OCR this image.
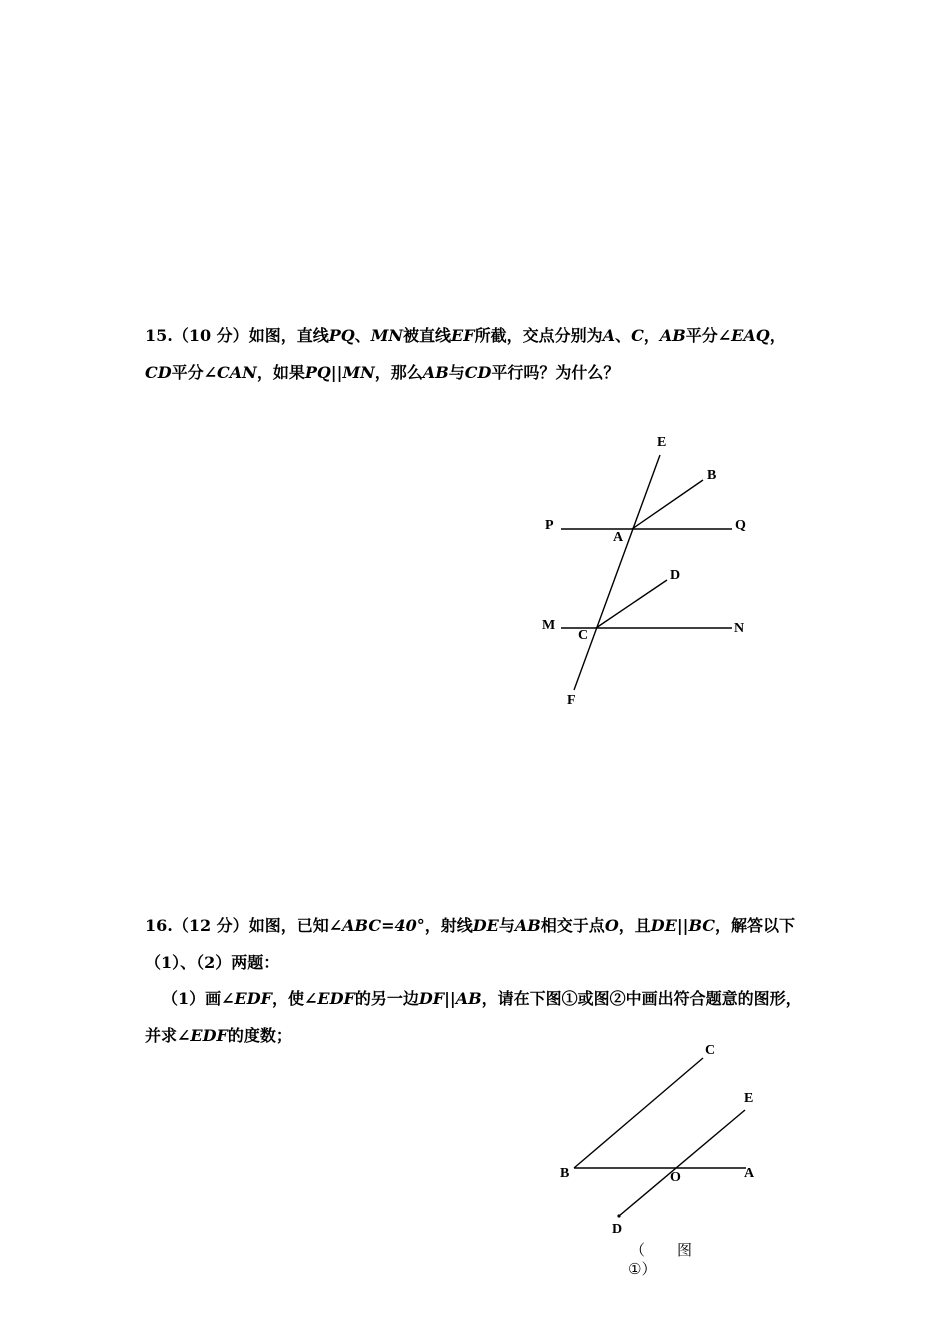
15.（10 分）如图，直线PQ、MN被直线EF所截，交点分别为A、C，AB平分∠EAQ，
CD平分∠CAN，如果PQ||MN，那么AB与CD平行吗？为什么？
E
B
P	Q
A
D
M
C	N
F
16.（12 分）如图，已知∠ABC=40°，射线DE与AB相交于点O，且DE||BC，解答以下
（1）、（2）两题：
（1）画∠EDF，使∠EDF的另一边DF||AB，请在下图①或图②中画出符合题意的图形，
并求∠EDF的度数；
C
E
B	O	A
D
（ 图
①）
